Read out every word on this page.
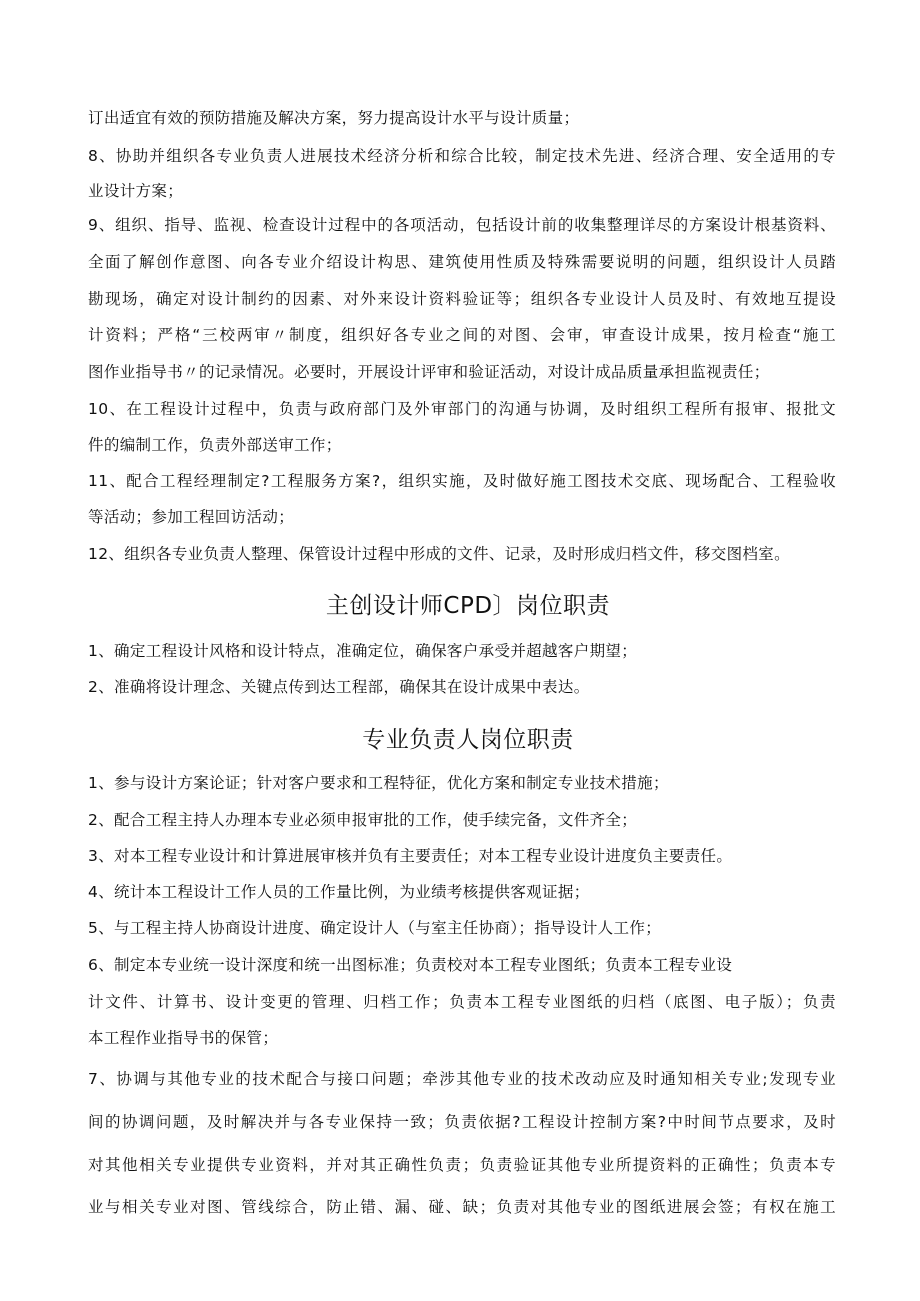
订出适宜有效的预防措施及解决方案，努力提高设计水平与设计质量；
8、协助并组织各专业负责人进展技术经济分析和综合比较，制定技术先进、经济合理、安全适用的专
业设计方案；
9、组织、指导、监视、检查设计过程中的各项活动，包括设计前的收集整理详尽的方案设计根基资料、
全面了解创作意图、向各专业介绍设计构思、建筑使用性质及特殊需要说明的问题，组织设计人员踏
勘现场，确定对设计制约的因素、对外来设计资料验证等；组织各专业设计人员及时、有效地互提设
计资料；严格“三校两审〃制度，组织好各专业之间的对图、会审，审查设计成果，按月检查“施工
图作业指导书〃的记录情况。必要时，开展设计评审和验证活动，对设计成品质量承担监视责任；
10、在工程设计过程中，负责与政府部门及外审部门的沟通与协调，及时组织工程所有报审、报批文
件的编制工作，负责外部送审工作；
11、配合工程经理制定?工程服务方案?，组织实施，及时做好施工图技术交底、现场配合、工程验收
等活动；参加工程回访活动；
12、组织各专业负责人整理、保管设计过程中形成的文件、记录，及时形成归档文件，移交图档室。
主创设计师CPD〕岗位职责
1、确定工程设计风格和设计特点，准确定位，确保客户承受并超越客户期望；
2、准确将设计理念、关键点传到达工程部，确保其在设计成果中表达。
专业负责人岗位职责
1、参与设计方案论证；针对客户要求和工程特征，优化方案和制定专业技术措施；
2、配合工程主持人办理本专业必须申报审批的工作，使手续完备，文件齐全；
3、对本工程专业设计和计算进展审核并负有主要责任；对本工程专业设计进度负主要责任。
4、统计本工程设计工作人员的工作量比例，为业绩考核提供客观证据；
5、与工程主持人协商设计进度、确定设计人（与室主任协商）；指导设计人工作；
6、制定本专业统一设计深度和统一出图标准；负责校对本工程专业图纸；负责本工程专业设
计文件、计算书、设计变更的管理、归档工作；负责本工程专业图纸的归档（底图、电子版）；负责
本工程作业指导书的保管；
7、协调与其他专业的技术配合与接口问题；牵涉其他专业的技术改动应及时通知相关专业;发现专业
间的协调问题，及时解决并与各专业保持一致；负责依据?工程设计控制方案?中时间节点要求，及时
对其他相关专业提供专业资料，并对其正确性负责；负责验证其他专业所提资料的正确性；负责本专
业与相关专业对图、管线综合，防止错、漏、碰、缺；负责对其他专业的图纸进展会签；有权在施工
